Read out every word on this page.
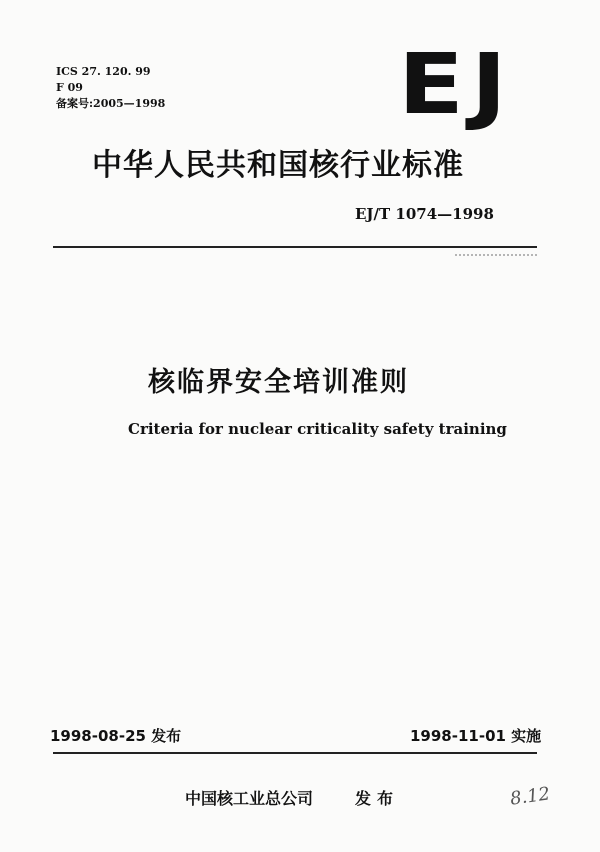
ICS 27. 120. 99
F 09
备案号:2005—1998	EJ
中华人民共和国核行业标准
EJ/T 1074—1998
核临界安全培训准则
Criteria for nuclear criticality safety training
1998-08-25 发布	1998-11-01 实施
中国核工业总公司	发布	8.12
